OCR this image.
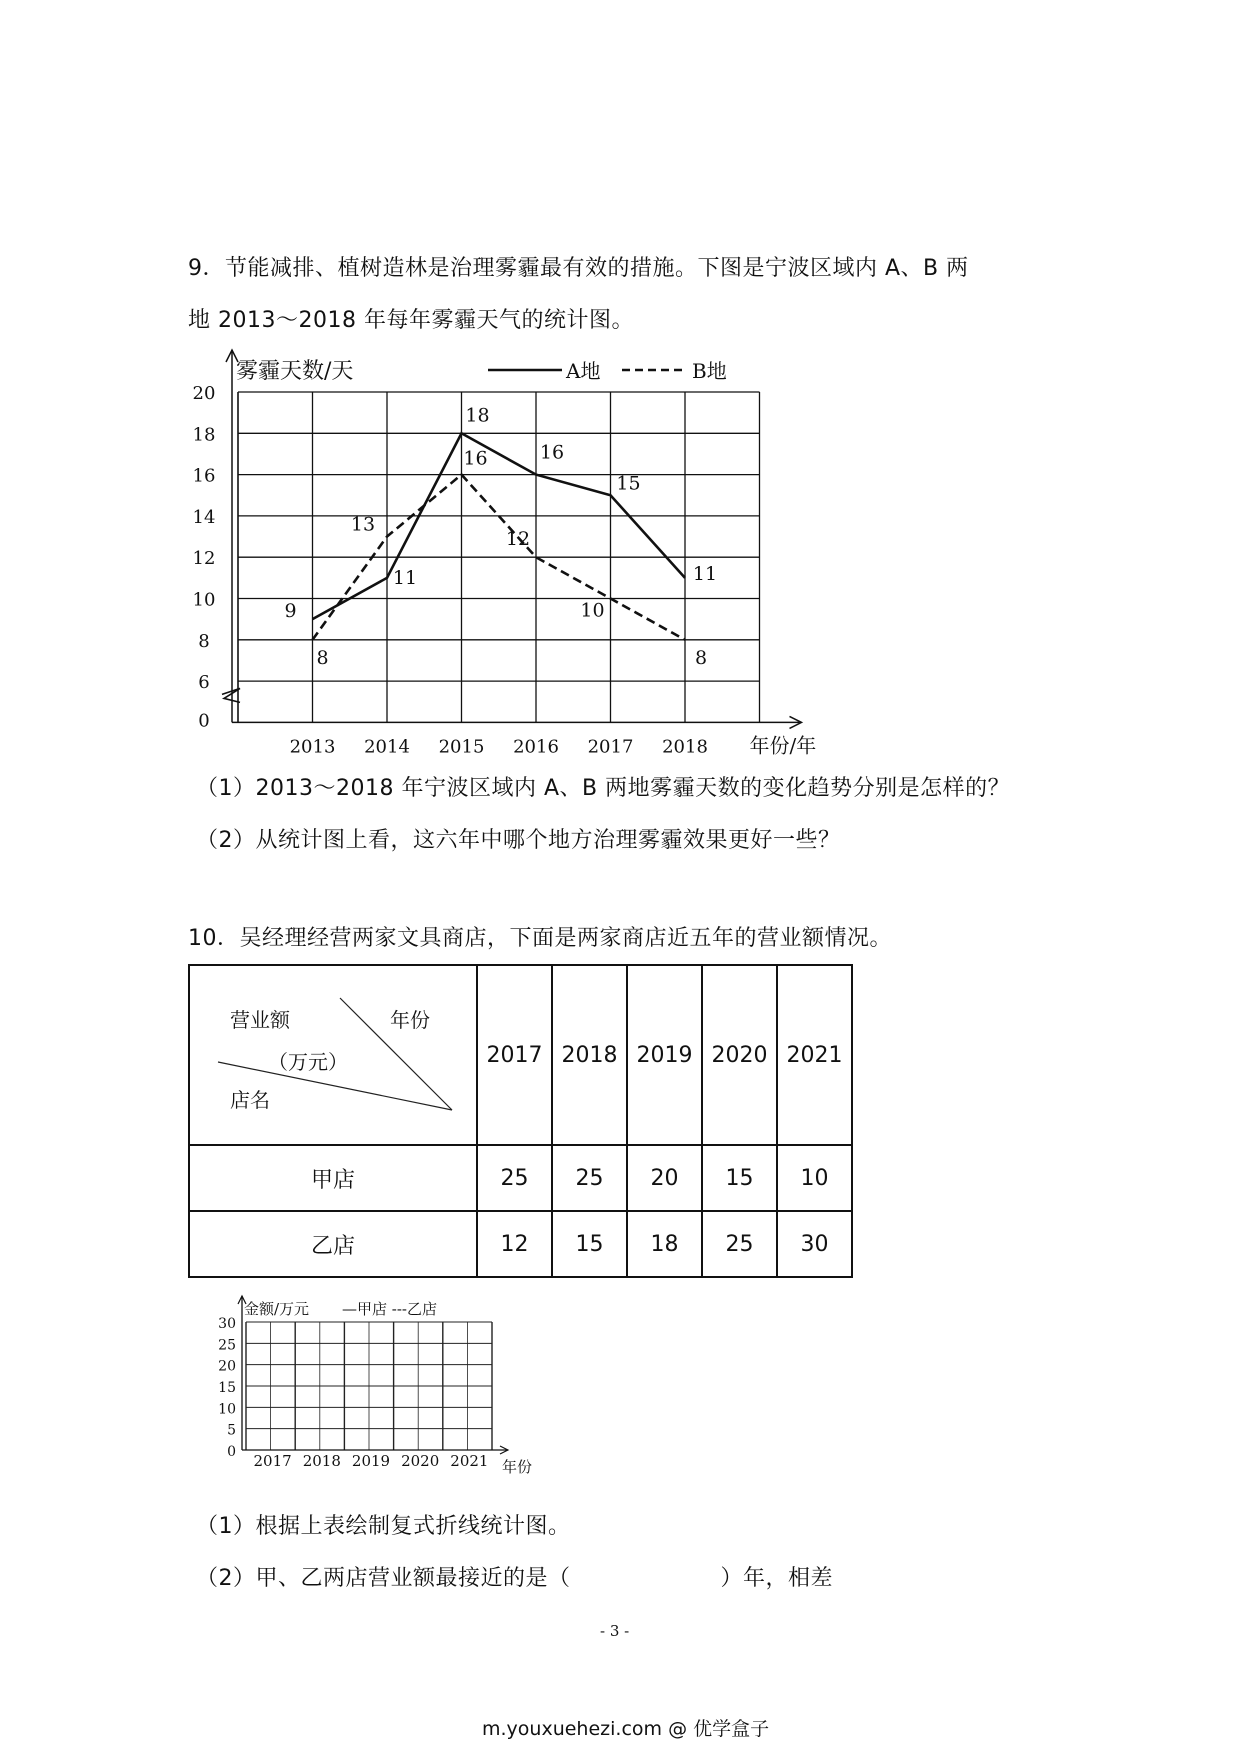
9．节能减排、植树造林是治理雾霾最有效的措施。下图是宁波区域内 A、B 两
地 2013～2018 年每年雾霾天气的统计图。
0
6
8
10
12
14
16
18
20
2013 2014 2015 2016 2017 2018 年份/年
雾霾天数/天	A地	B地
9
11
18
16
15
11
8
13
16
12
10
8
（1）2013～2018 年宁波区域内 A、B 两地雾霾天数的变化趋势分别是怎样的？
（2）从统计图上看，这六年中哪个地方治理雾霾效果更好一些？
10．吴经理经营两家文具商店，下面是两家商店近五年的营业额情况。
营业额 年份
（万元）
店名	2017	2018	2019	2020	2021
甲店	25	25	20	15	10
乙店	12	15	18	25	30
0
5
10
15
20
25
30
2017 2018 2019 2020 2021 年份
金额/万元 —甲店 ---乙店
（1）根据上表绘制复式折线统计图。
（2）甲、乙两店营业额最接近的是（	）年，相差
- 3 -
m.youxuehezi.com @ 优学盒子
